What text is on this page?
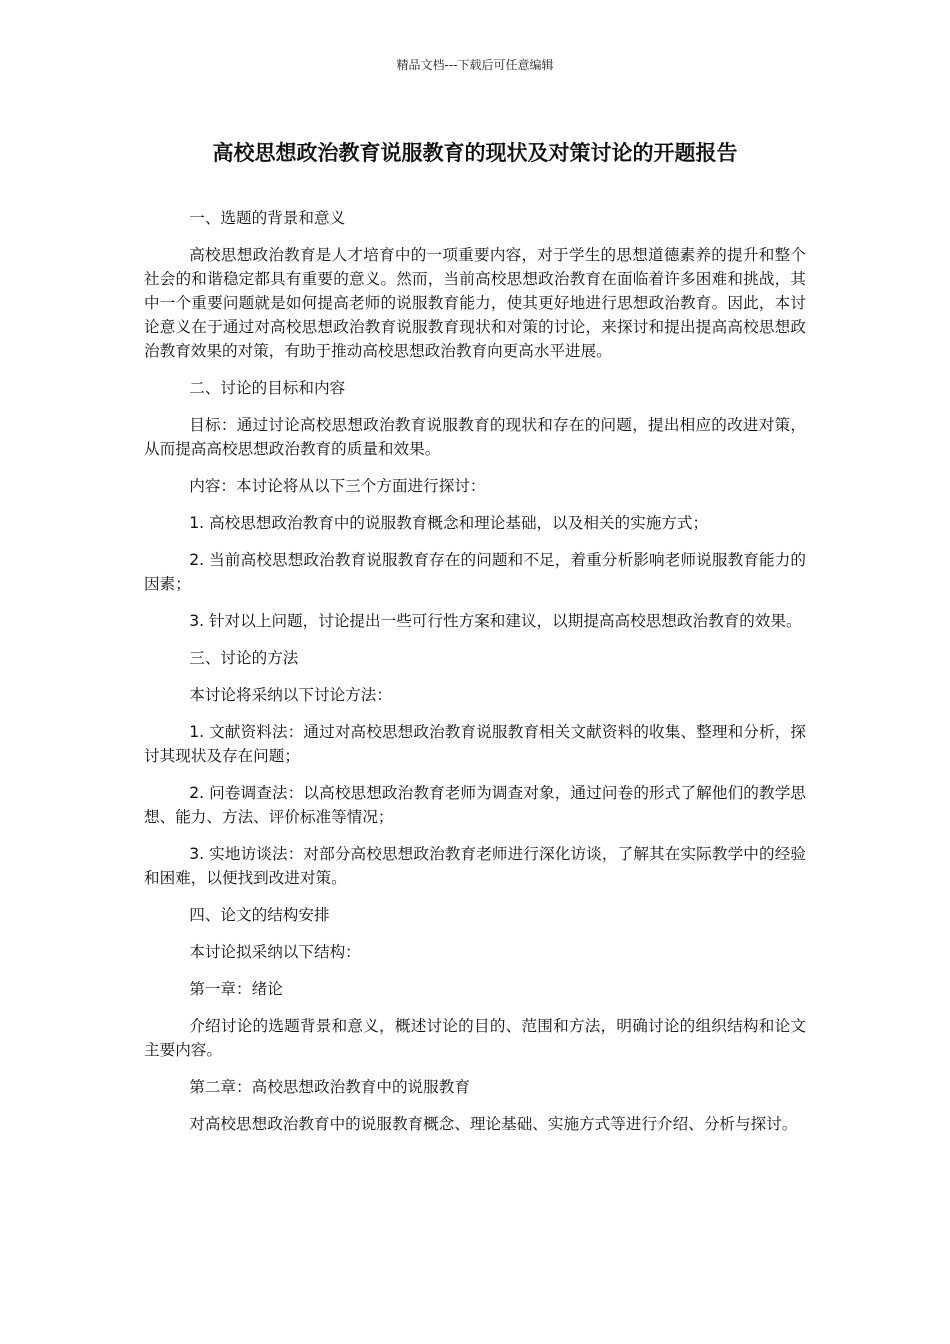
精品文档---下载后可任意编辑
高校思想政治教育说服教育的现状及对策讨论的开题报告

一、选题的背景和意义

高校思想政治教育是人才培育中的一项重要内容，对于学生的思想道德素养的提升和整个社会的和谐稳定都具有重要的意义。然而，当前高校思想政治教育在面临着许多困难和挑战，其中一个重要问题就是如何提高老师的说服教育能力，使其更好地进行思想政治教育。因此，本讨论意义在于通过对高校思想政治教育说服教育现状和对策的讨论，来探讨和提出提高高校思想政治教育效果的对策，有助于推动高校思想政治教育向更高水平进展。

二、讨论的目标和内容

目标：通过讨论高校思想政治教育说服教育的现状和存在的问题，提出相应的改进对策，从而提高高校思想政治教育的质量和效果。

内容：本讨论将从以下三个方面进行探讨：

1. 高校思想政治教育中的说服教育概念和理论基础，以及相关的实施方式；

2. 当前高校思想政治教育说服教育存在的问题和不足，着重分析影响老师说服教育能力的因素；

3. 针对以上问题，讨论提出一些可行性方案和建议，以期提高高校思想政治教育的效果。

三、讨论的方法

本讨论将采纳以下讨论方法：

1. 文献资料法：通过对高校思想政治教育说服教育相关文献资料的收集、整理和分析，探讨其现状及存在问题；

2. 问卷调查法：以高校思想政治教育老师为调查对象，通过问卷的形式了解他们的教学思想、能力、方法、评价标准等情况；

3. 实地访谈法：对部分高校思想政治教育老师进行深化访谈，了解其在实际教学中的经验和困难，以便找到改进对策。

四、论文的结构安排

本讨论拟采纳以下结构：

第一章：绪论

介绍讨论的选题背景和意义，概述讨论的目的、范围和方法，明确讨论的组织结构和论文主要内容。

第二章：高校思想政治教育中的说服教育

对高校思想政治教育中的说服教育概念、理论基础、实施方式等进行介绍、分析与探讨。
